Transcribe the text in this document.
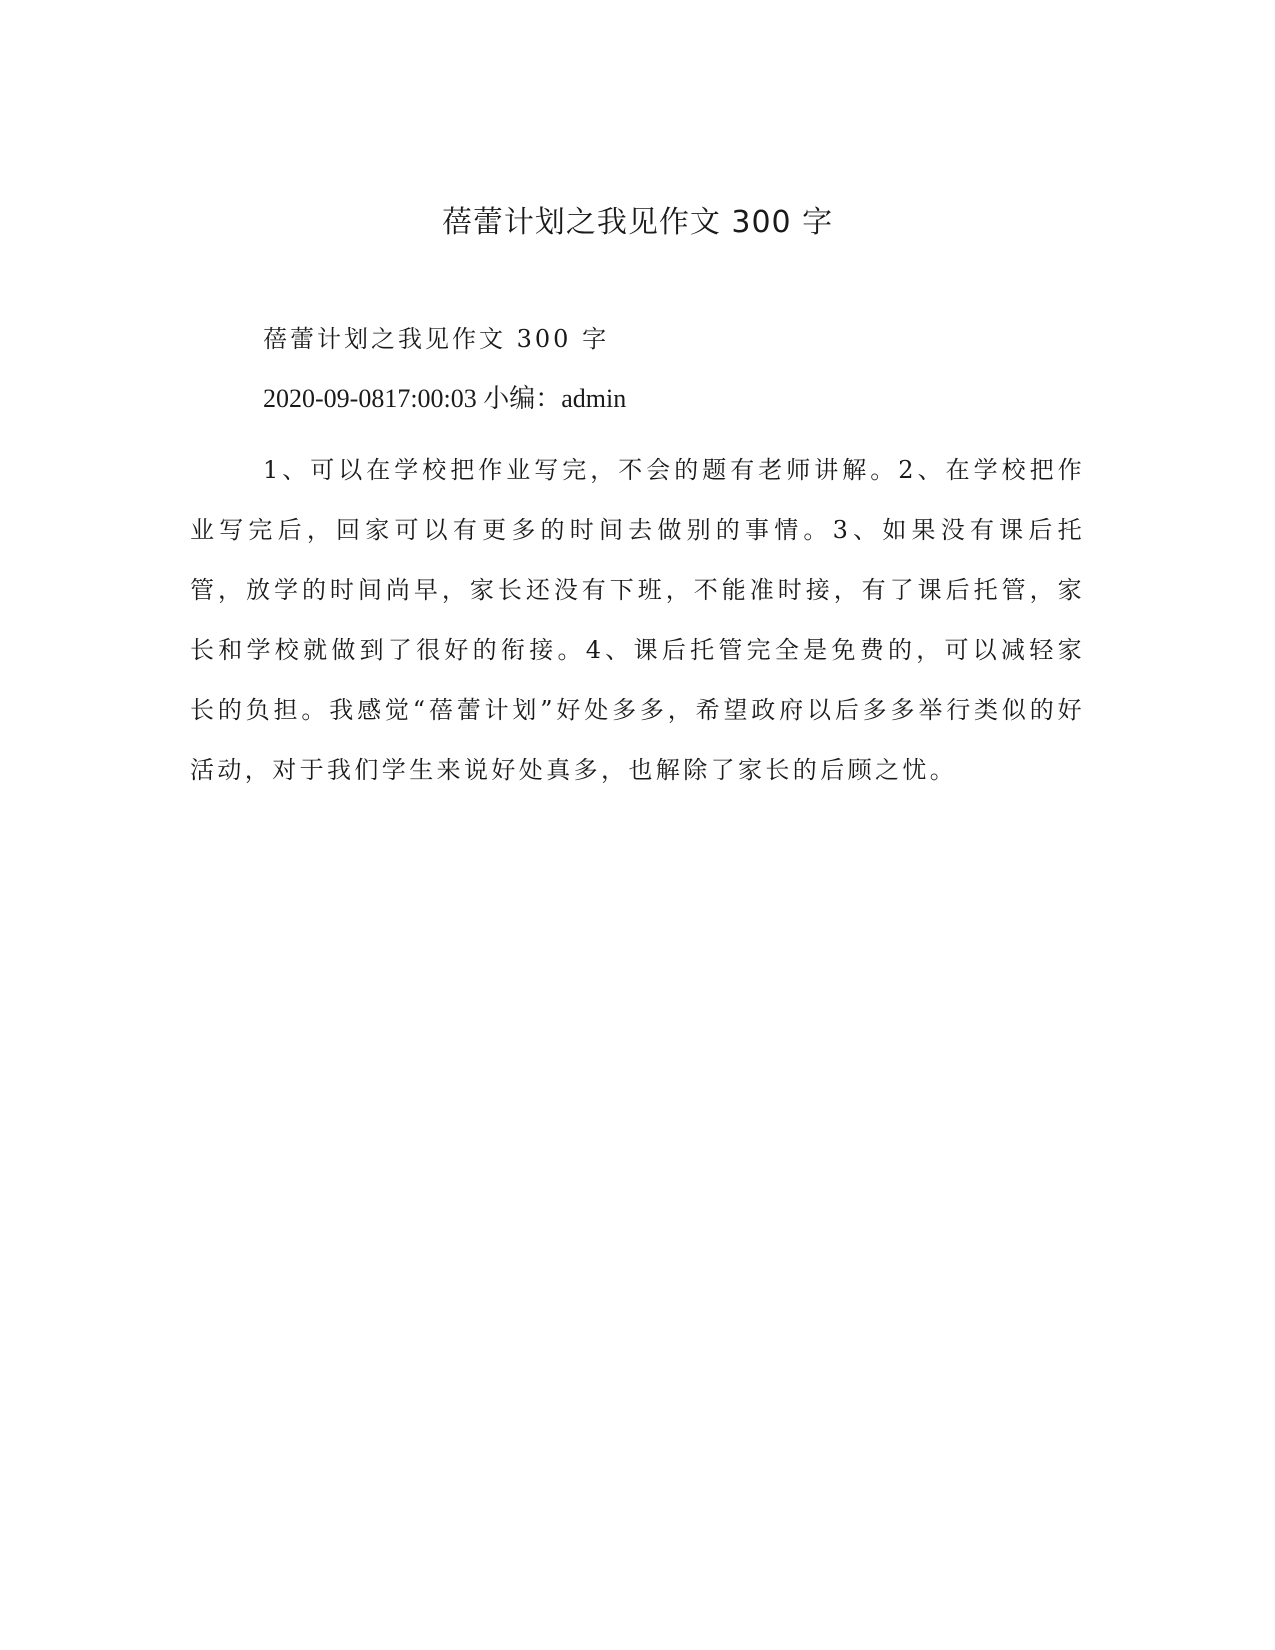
蓓蕾计划之我见作文 300 字

蓓蕾计划之我见作文 300 字

2020-09-0817:00:03 小编：admin

1、可以在学校把作业写完，不会的题有老师讲解。2、在学校把作业写完后，回家可以有更多的时间去做别的事情。3、如果没有课后托管，放学的时间尚早，家长还没有下班，不能准时接，有了课后托管，家长和学校就做到了很好的衔接。4、课后托管完全是免费的，可以减轻家长的负担。我感觉“蓓蕾计划”好处多多，希望政府以后多多举行类似的好活动，对于我们学生来说好处真多，也解除了家长的后顾之忧。
